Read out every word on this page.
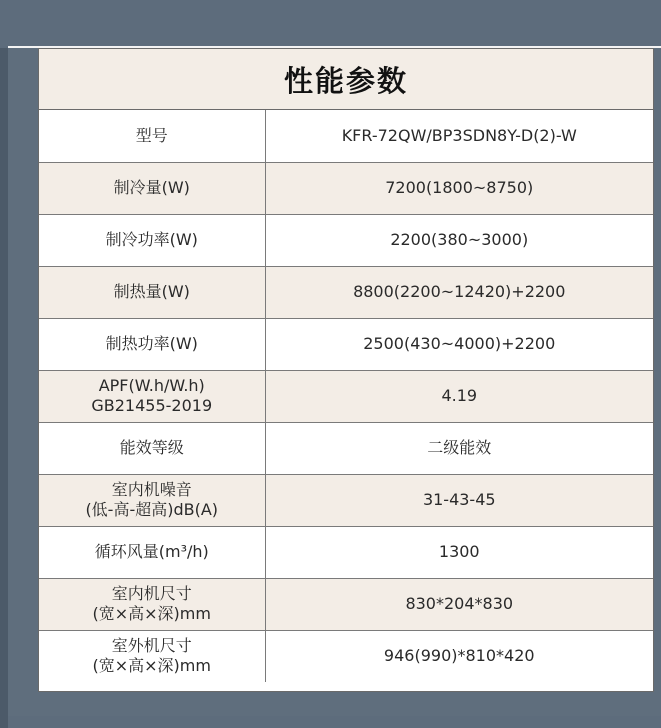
性能参数
型号	KFR-72QW/BP3SDN8Y-D(2)-W

制冷量(W)	7200(1800~8750)

制冷功率(W)	2200(380~3000)

制热量(W)	8800(2200~12420)+2200

制热功率(W)	2500(430~4000)+2200

APF(W.h/W.h)
GB21455-2019	4.19

能效等级	二级能效

室内机噪音
(低-高-超高)dB(A)	31-43-45

循环风量(m³/h)	1300

室内机尺寸
(宽×高×深)mm	830*204*830

室外机尺寸
(宽×高×深)mm	946(990)*810*420
